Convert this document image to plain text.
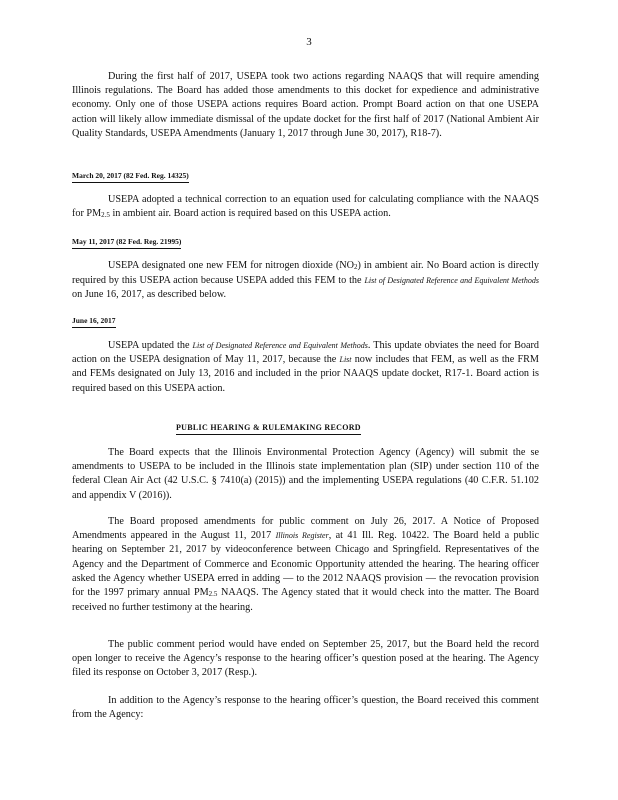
3

During the first half of 2017, USEPA took two actions regarding NAAQS that will require amending Illinois regulations. The Board has added those amendments to this docket for expedience and administrative economy. Only one of those USEPA actions requires Board action. Prompt Board action on that one USEPA action will likely allow immediate dismissal of the update docket for the first half of 2017 (National Ambient Air Quality Standards, USEPA Amendments (January 1, 2017 through June 30, 2017), R18-7).

March 20, 2017 (82 Fed. Reg. 14325)

USEPA adopted a technical correction to an equation used for calculating compliance with the NAAQS for PM2.5 in ambient air. Board action is required based on this USEPA action.

May 11, 2017 (82 Fed. Reg. 21995)

USEPA designated one new FEM for nitrogen dioxide (NO2) in ambient air. No Board action is directly required by this USEPA action because USEPA added this FEM to the List of Designated Reference and Equivalent Methods on June 16, 2017, as described below.

June 16, 2017

USEPA updated the List of Designated Reference and Equivalent Methods. This update obviates the need for Board action on the USEPA designation of May 11, 2017, because the List now includes that FEM, as well as the FRM and FEMs designated on July 13, 2016 and included in the prior NAAQS update docket, R17-1. Board action is required based on this USEPA action.

PUBLIC HEARING & RULEMAKING RECORD

The Board expects that the Illinois Environmental Protection Agency (Agency) will submit the se amendments to USEPA to be included in the Illinois state implementation plan (SIP) under section 110 of the federal Clean Air Act (42 U.S.C. § 7410(a) (2015)) and the implementing USEPA regulations (40 C.F.R. 51.102 and appendix V (2016)).

The Board proposed amendments for public comment on July 26, 2017. A Notice of Proposed Amendments appeared in the August 11, 2017 Illinois Register, at 41 Ill. Reg. 10422. The Board held a public hearing on September 21, 2017 by videoconference between Chicago and Springfield. Representatives of the Agency and the Department of Commerce and Economic Opportunity attended the hearing. The hearing officer asked the Agency whether USEPA erred in adding — to the 2012 NAAQS provision — the revocation provision for the 1997 primary annual PM2.5 NAAQS. The Agency stated that it would check into the matter. The Board received no further testimony at the hearing.

The public comment period would have ended on September 25, 2017, but the Board held the record open longer to receive the Agency’s response to the hearing officer’s question posed at the hearing. The Agency filed its response on October 3, 2017 (Resp.).

In addition to the Agency’s response to the hearing officer’s question, the Board received this comment from the Agency:
